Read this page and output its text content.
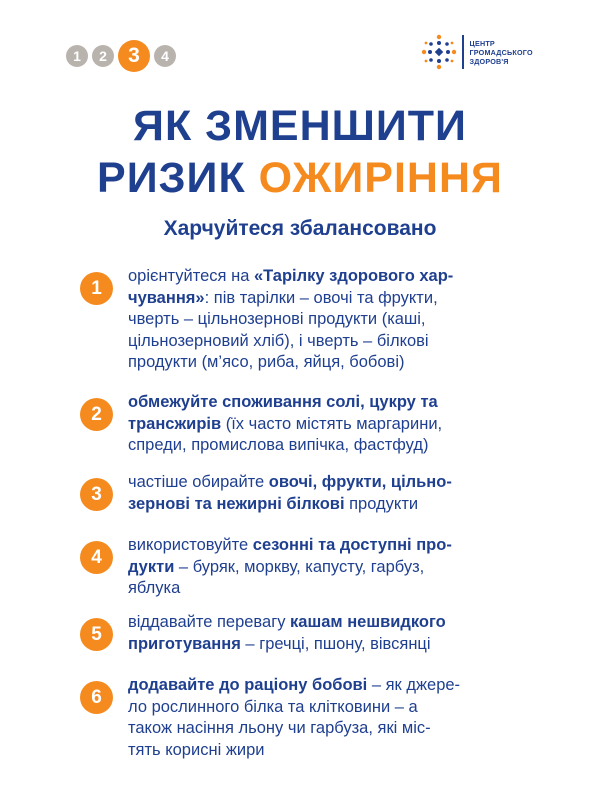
1	2	3	4
ЦЕНТР
ГРОМАДСЬКОГО
ЗДОРОВ'Я
ЯК ЗМЕНШИТИ
РИЗИК ОЖИРІННЯ
Харчуйтеся збалансовано
1
орієнтуйтеся на «Тарілку здорового хар-
чування»: пів тарілки – овочі та фрукти,
чверть – цільнозернові продукти (каші,
цільнозерновий хліб), і чверть – білкові
продукти (м’ясо, риба, яйця, бобові)
2
обмежуйте споживання солі, цукру та
трансжирів (їх часто містять маргарини,
спреди, промислова випічка, фастфуд)
3
частіше обирайте овочі, фрукти, цільно-
зернові та нежирні білкові продукти
4
використовуйте сезонні та доступні про-
дукти – буряк, моркву, капусту, гарбуз,
яблука
5
віддавайте перевагу кашам нешвидкого
приготування – гречці, пшону, вівсянці
6
додавайте до раціону бобові – як джере-
ло рослинного білка та клітковини – а
також насіння льону чи гарбуза, які міс-
тять корисні жири
